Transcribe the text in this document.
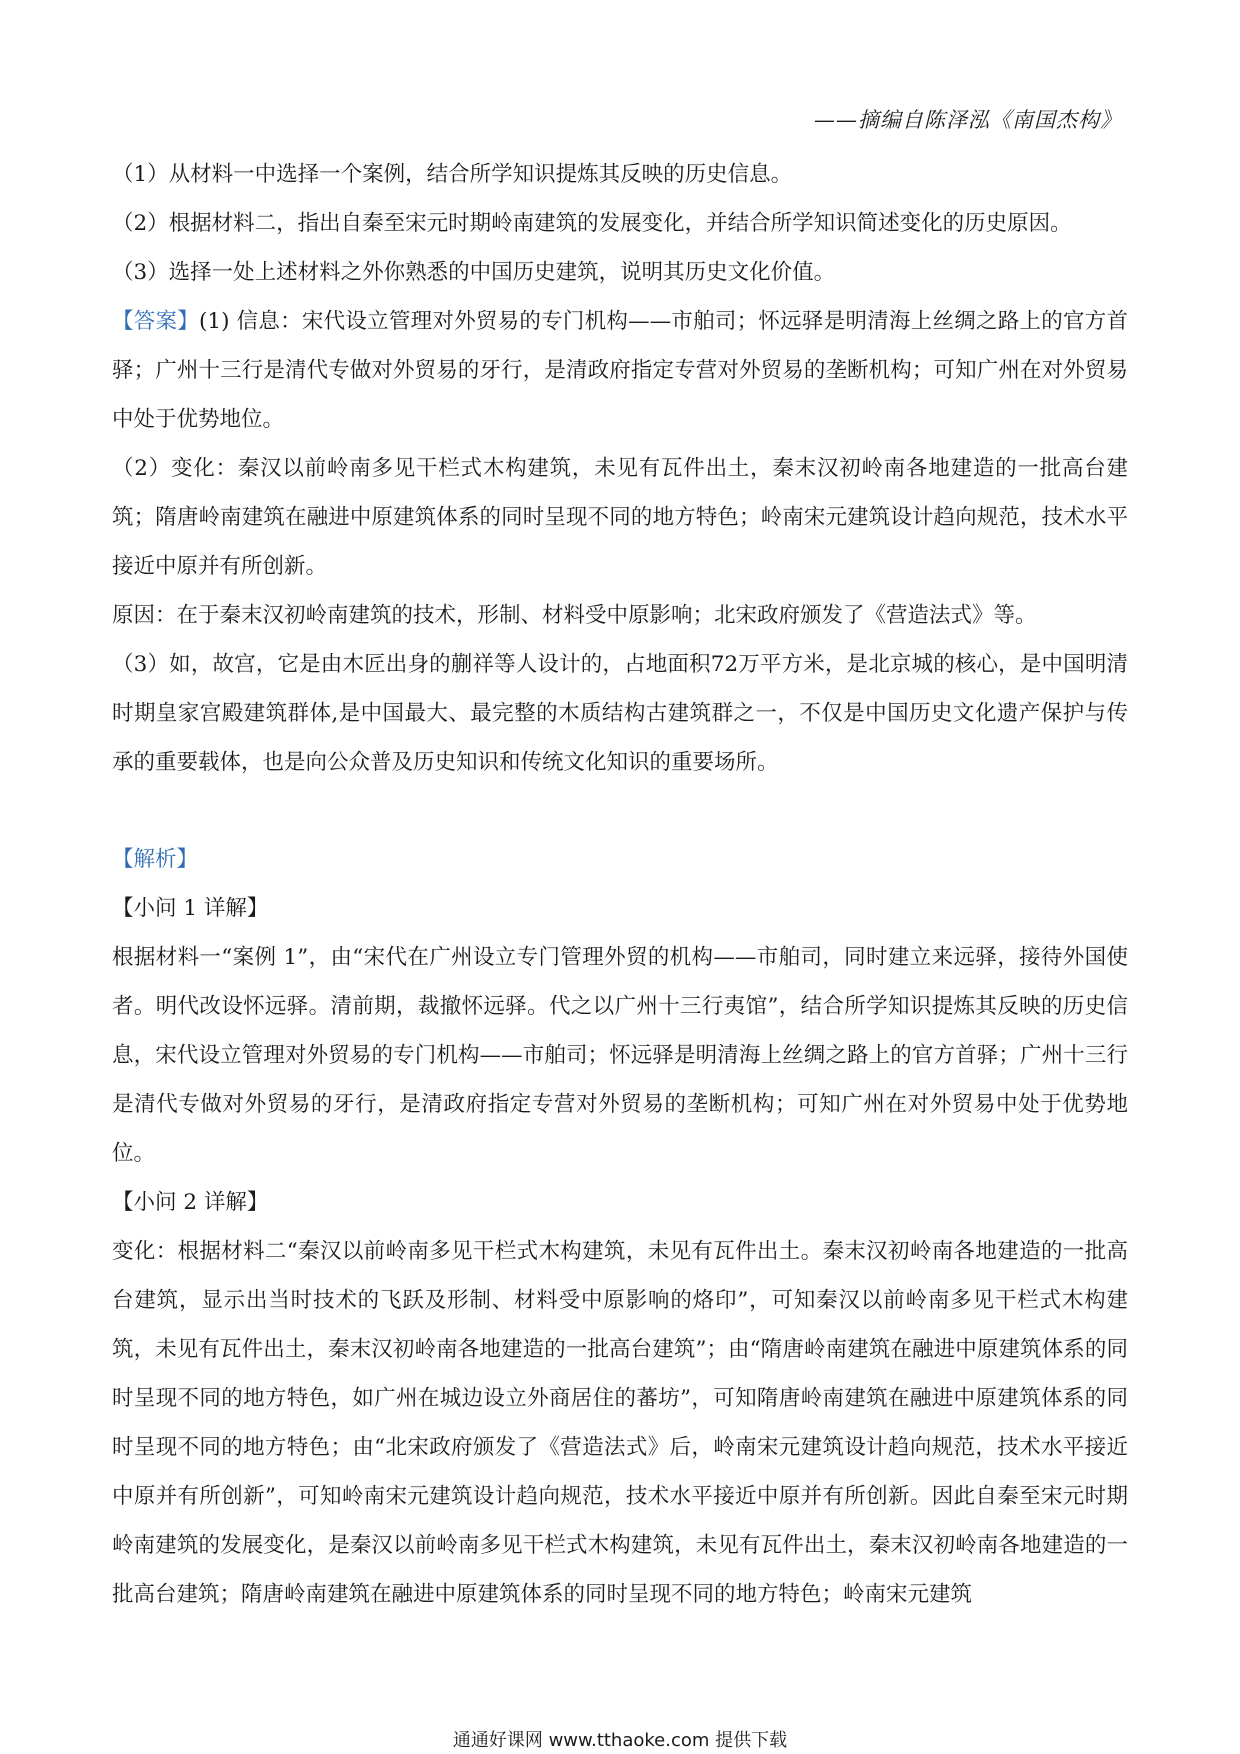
——摘编自陈泽泓《南国杰构》

（1）从材料一中选择一个案例，结合所学知识提炼其反映的历史信息。

（2）根据材料二，指出自秦至宋元时期岭南建筑的发展变化，并结合所学知识简述变化的历史原因。

（3）选择一处上述材料之外你熟悉的中国历史建筑，说明其历史文化价值。

【答案】(1) 信息：宋代设立管理对外贸易的专门机构——市舶司；怀远驿是明清海上丝绸之路上的官方首驿；广州十三行是清代专做对外贸易的牙行，是清政府指定专营对外贸易的垄断机构；可知广州在对外贸易中处于优势地位。

（2）变化：秦汉以前岭南多见干栏式木构建筑，未见有瓦件出土，秦末汉初岭南各地建造的一批高台建筑；隋唐岭南建筑在融进中原建筑体系的同时呈现不同的地方特色；岭南宋元建筑设计趋向规范，技术水平接近中原并有所创新。

原因：在于秦末汉初岭南建筑的技术，形制、材料受中原影响；北宋政府颁发了《营造法式》等。

（3）如，故宫，它是由木匠出身的蒯祥等人设计的，占地面积72万平方米，是北京城的核心，是中国明清时期皇家宫殿建筑群体,是中国最大、最完整的木质结构古建筑群之一，不仅是中国历史文化遗产保护与传承的重要载体，也是向公众普及历史知识和传统文化知识的重要场所。

【解析】

【小问 1 详解】

根据材料一“案例 1”，由“宋代在广州设立专门管理外贸的机构——市舶司，同时建立来远驿，接待外国使者。明代改设怀远驿。清前期，裁撤怀远驿。代之以广州十三行夷馆”，结合所学知识提炼其反映的历史信息，宋代设立管理对外贸易的专门机构——市舶司；怀远驿是明清海上丝绸之路上的官方首驿；广州十三行是清代专做对外贸易的牙行，是清政府指定专营对外贸易的垄断机构；可知广州在对外贸易中处于优势地位。

【小问 2 详解】

变化：根据材料二“秦汉以前岭南多见干栏式木构建筑，未见有瓦件出土。秦末汉初岭南各地建造的一批高台建筑，显示出当时技术的飞跃及形制、材料受中原影响的烙印”，可知秦汉以前岭南多见干栏式木构建筑，未见有瓦件出土，秦末汉初岭南各地建造的一批高台建筑”；由“隋唐岭南建筑在融进中原建筑体系的同时呈现不同的地方特色，如广州在城边设立外商居住的蕃坊”，可知隋唐岭南建筑在融进中原建筑体系的同时呈现不同的地方特色；由“北宋政府颁发了《营造法式》后，岭南宋元建筑设计趋向规范，技术水平接近中原并有所创新”，可知岭南宋元建筑设计趋向规范，技术水平接近中原并有所创新。因此自秦至宋元时期岭南建筑的发展变化，是秦汉以前岭南多见干栏式木构建筑，未见有瓦件出土，秦末汉初岭南各地建造的一批高台建筑；隋唐岭南建筑在融进中原建筑体系的同时呈现不同的地方特色；岭南宋元建筑

通通好课网 www.tthaoke.com 提供下载
